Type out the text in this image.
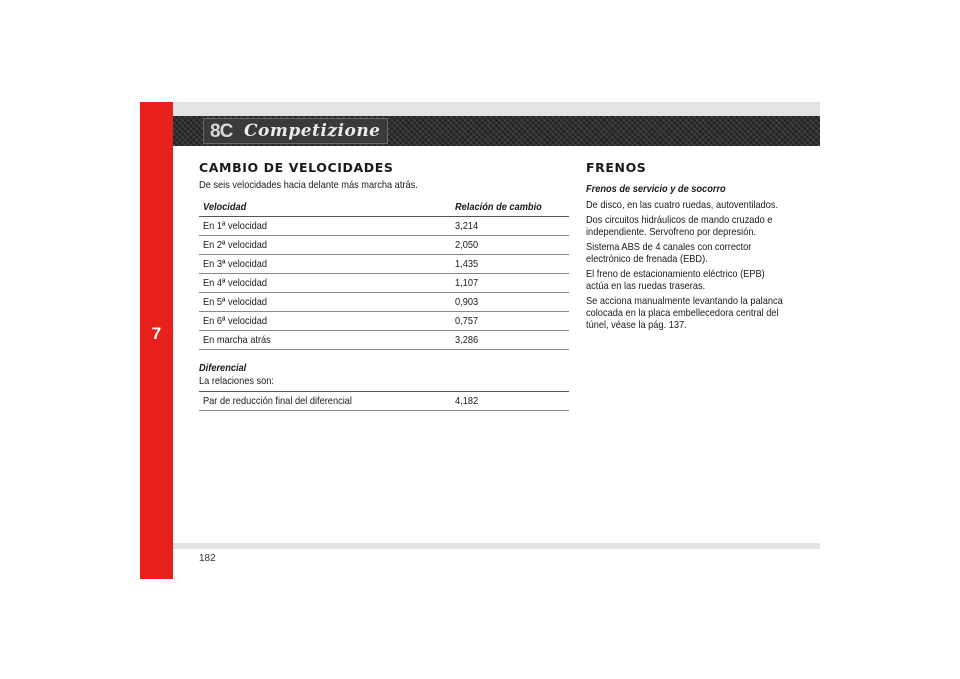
7
8C Competizione
CAMBIO DE VELOCIDADES
De seis velocidades hacia delante más marcha atrás.
Velocidad	Relación de cambio
En 1ª velocidad	3,214
En 2ª velocidad	2,050
En 3ª velocidad	1,435
En 4ª velocidad	1,107
En 5ª velocidad	0,903
En 6ª velocidad	0,757
En marcha atrás	3,286
Diferencial
La relaciones son:
Par de reducción final del diferencial	4,182
FRENOS
Frenos de servicio y de socorro
De disco, en las cuatro ruedas, autoventilados.
Dos circuitos hidráulicos de mando cruzado e
independiente. Servofreno por depresión.
Sistema ABS de 4 canales con corrector
electrónico de frenada (EBD).
El freno de estacionamiento eléctrico (EPB)
actúa en las ruedas traseras.
Se acciona manualmente levantando la palanca
colocada en la placa embellecedora central del
túnel, véase la pág. 137.
182
